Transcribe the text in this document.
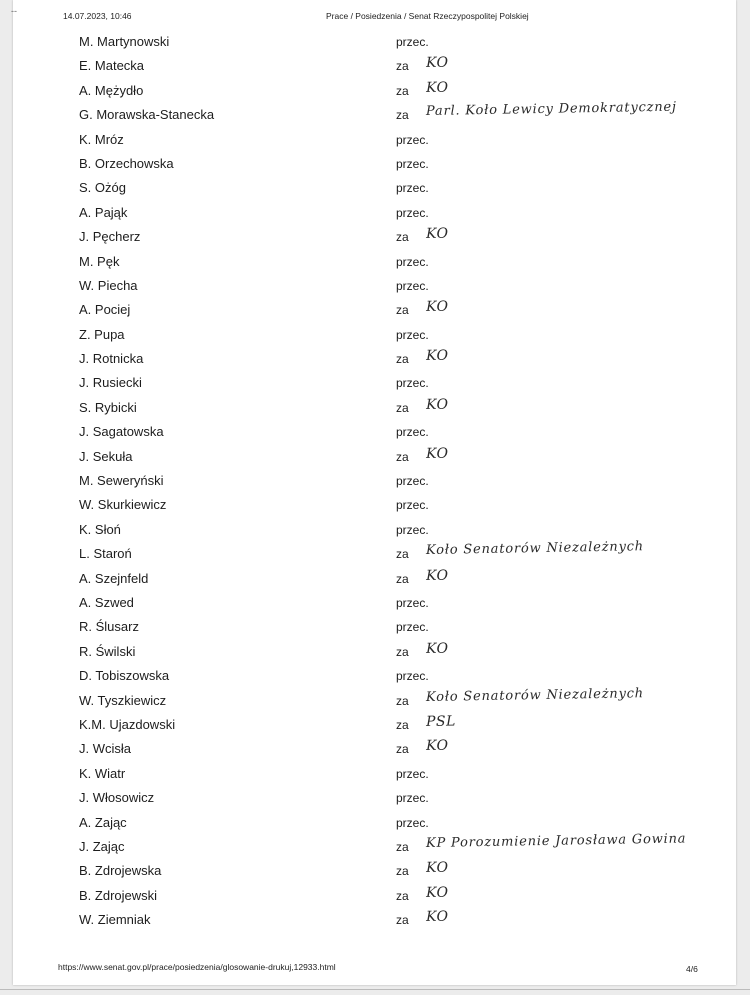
--	14.07.2023, 10:46	Prace / Posiedzenia / Senat Rzeczypospolitej Polskiej
M. Martynowski	przec.
E. Matecka	za KO
A. Mężydło	za KO
G. Morawska-Stanecka	za Parl. Koło Lewicy Demokratycznej
K. Mróz	przec.
B. Orzechowska	przec.
S. Ożóg	przec.
A. Pająk	przec.
J. Pęcherz	za KO
M. Pęk	przec.
W. Piecha	przec.
A. Pociej	za KO
Z. Pupa	przec.
J. Rotnicka	za KO
J. Rusiecki	przec.
S. Rybicki	za KO
J. Sagatowska	przec.
J. Sekuła	za KO
M. Seweryński	przec.
W. Skurkiewicz	przec.
K. Słoń	przec.
L. Staroń	za Koło Senatorów Niezależnych
A. Szejnfeld	za KO
A. Szwed	przec.
R. Ślusarz	przec.
R. Świlski	za KO
D. Tobiszowska	przec.
W. Tyszkiewicz	za Koło Senatorów Niezależnych
K.M. Ujazdowski	za PSL
J. Wcisła	za KO
K. Wiatr	przec.
J. Włosowicz	przec.
A. Zając	przec.
J. Zając	za KP Porozumienie Jarosława Gowina
B. Zdrojewska	za KO
B. Zdrojewski	za KO
W. Ziemniak	za KO
https://www.senat.gov.pl/prace/posiedzenia/glosowanie-drukuj,12933.html	4/6
